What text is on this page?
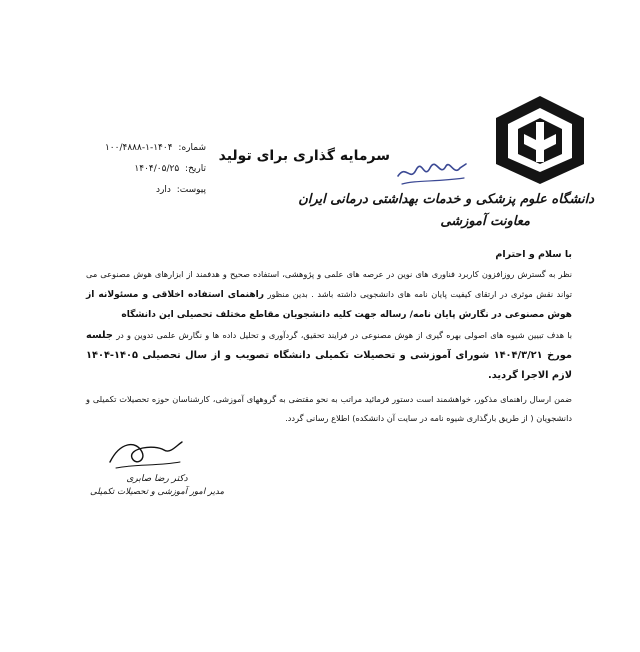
دانشگاه علوم پزشکی و خدمات بهداشتی درمانی ایران
معاونت آموزشی
سرمایه گذاری برای تولید
شماره: ۱۴۰۴-۱-۱۰۰/۴۸۸۸
تاریخ: ۱۴۰۴/۰۵/۲۵
پیوست: دارد

با سلام و احترام

نظر به گسترش روزافزون کاربرد فناوری های نوین در عرصه های علمی و پژوهشی، استفاده صحیح و هدفمند از ابزارهای هوش مصنوعی می تواند نقش موثری در ارتقای کیفیت پایان نامه های دانشجویی داشته باشد . بدین منظور راهنمای استفاده اخلاقی و مسئولانه از هوش مصنوعی در نگارش پایان نامه/ رساله جهت کلیه دانشجویان مقاطع مختلف تحصیلی این دانشگاه

با هدف تبیین شیوه های اصولی بهره گیری از هوش مصنوعی در فرایند تحقیق، گردآوری و تحلیل داده ها و نگارش علمی تدوین و در جلسه مورخ ۱۴۰۴/۳/۲۱ شورای آموزشی و تحصیلات تکمیلی دانشگاه تصویب و از سال تحصیلی ۱۴۰۵-۱۴۰۴ لازم الاجرا گردید.

ضمن ارسال راهنمای مذکور، خواهشمند است دستور فرمائید مراتب به نحو مقتضی به گروههای آموزشی، کارشناسان حوزه تحصیلات تکمیلی و دانشجویان ( از طریق بارگذاری شیوه نامه در سایت آن دانشکده) اطلاع رسانی گردد.

دکتر رضا صابری
مدیر امور آموزشی و تحصیلات تکمیلی
